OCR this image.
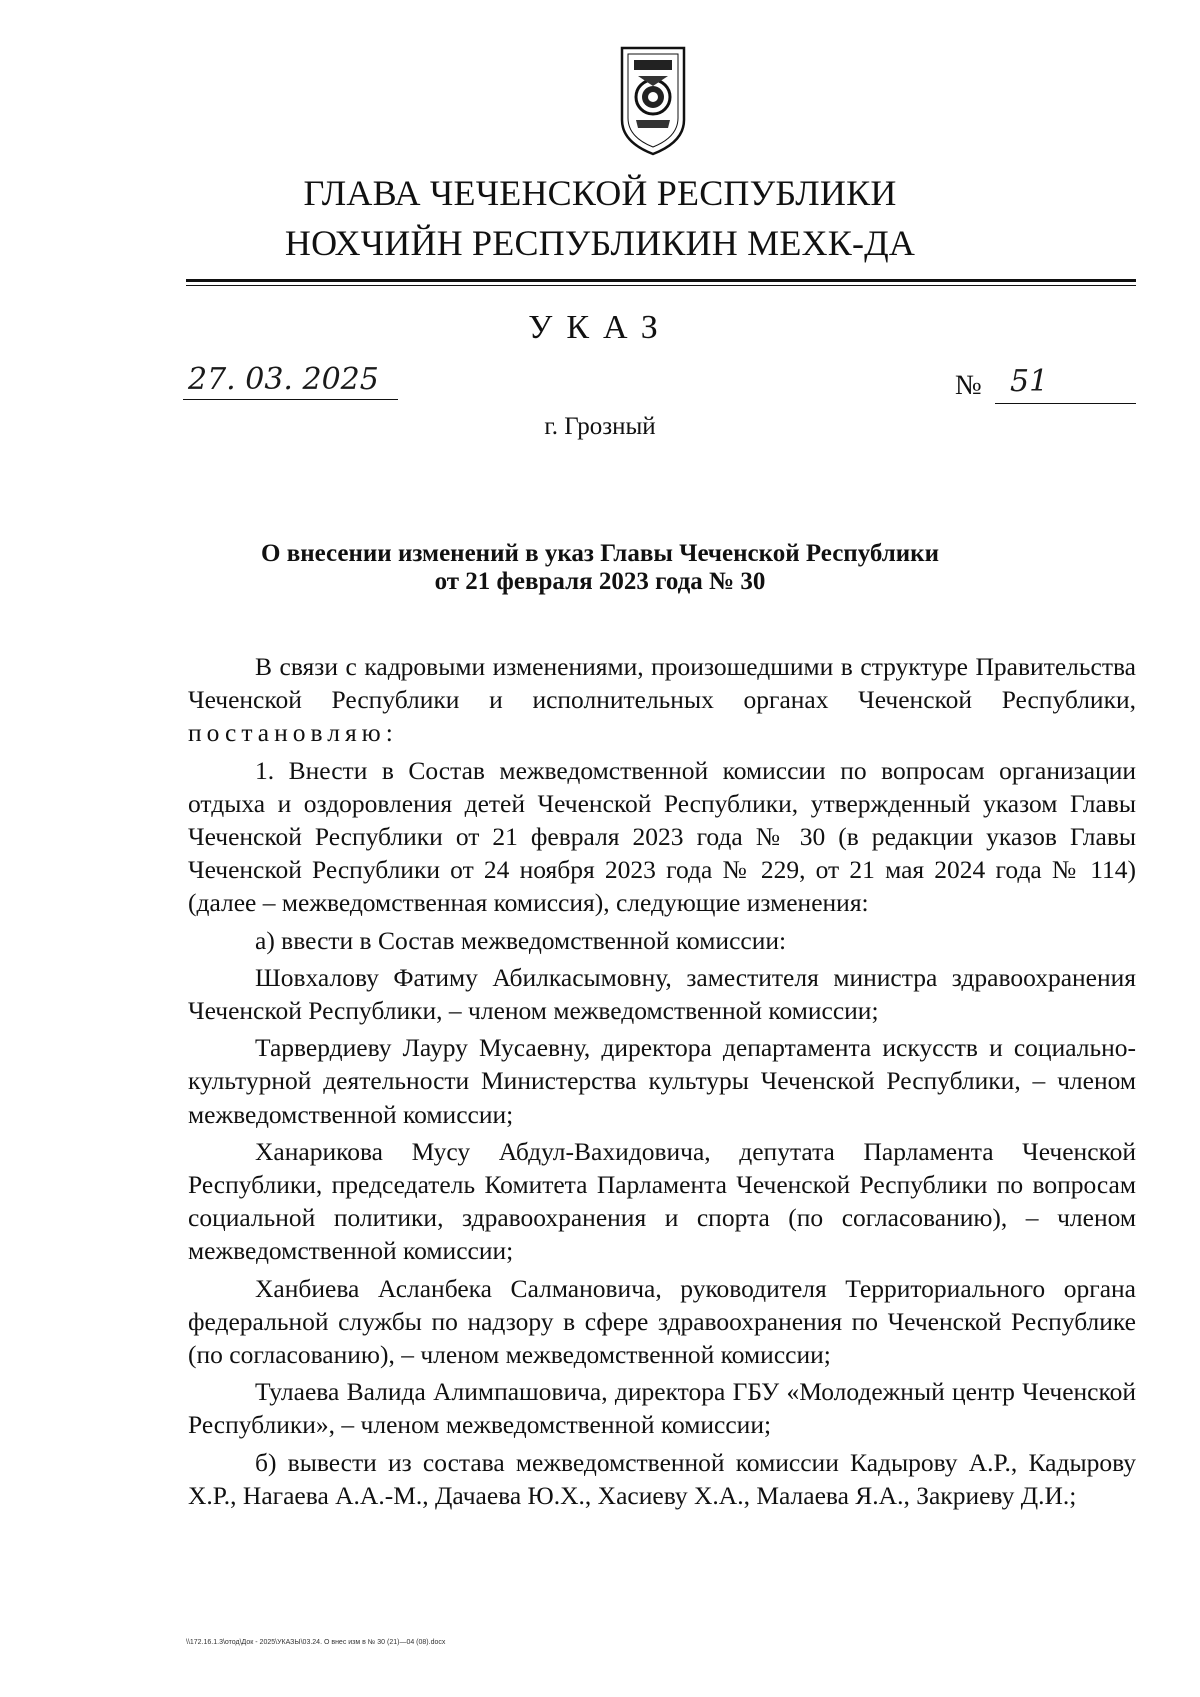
ГЛАВА ЧЕЧЕНСКОЙ РЕСПУБЛИКИ
НОХЧИЙН РЕСПУБЛИКИН МЕХК-ДА
УКАЗ
27. 03. 2025	№ 51
г. Грозный
О внесении изменений в указ Главы Чеченской Республики
от 21 февраля 2023 года № 30

В связи с кадровыми изменениями, произошедшими в структуре Правительства Чеченской Республики и исполнительных органах Чеченской Республики, постановляю:

1. Внести в Состав межведомственной комиссии по вопросам организации отдыха и оздоровления детей Чеченской Республики, утвержденный указом Главы Чеченской Республики от 21 февраля 2023 года № 30 (в редакции указов Главы Чеченской Республики от 24 ноября 2023 года № 229, от 21 мая 2024 года № 114) (далее – межведомственная комиссия), следующие изменения:

а) ввести в Состав межведомственной комиссии:

Шовхалову Фатиму Абилкасымовну, заместителя министра здравоохранения Чеченской Республики, – членом межведомственной комиссии;

Тарвердиеву Лауру Мусаевну, директора департамента искусств и социально-культурной деятельности Министерства культуры Чеченской Республики, – членом межведомственной комиссии;

Ханарикова Мусу Абдул-Вахидовича, депутата Парламента Чеченской Республики, председатель Комитета Парламента Чеченской Республики по вопросам социальной политики, здравоохранения и спорта (по согласованию), – членом межведомственной комиссии;

Ханбиева Асланбека Салмановича, руководителя Территориального органа федеральной службы по надзору в сфере здравоохранения по Чеченской Республике (по согласованию), – членом межведомственной комиссии;

Тулаева Валида Алимпашовича, директора ГБУ «Молодежный центр Чеченской Республики», – членом межведомственной комиссии;

б) вывести из состава межведомственной комиссии Кадырову А.Р., Кадырову Х.Р., Нагаева А.А.-М., Дачаева Ю.Х., Хасиеву Х.А., Малаева Я.А., Закриеву Д.И.;

\\172.16.1.3\отод\Док - 2025\УКАЗЫ\03.24. О внес изм в № 30 (21)—04 (08).docx
